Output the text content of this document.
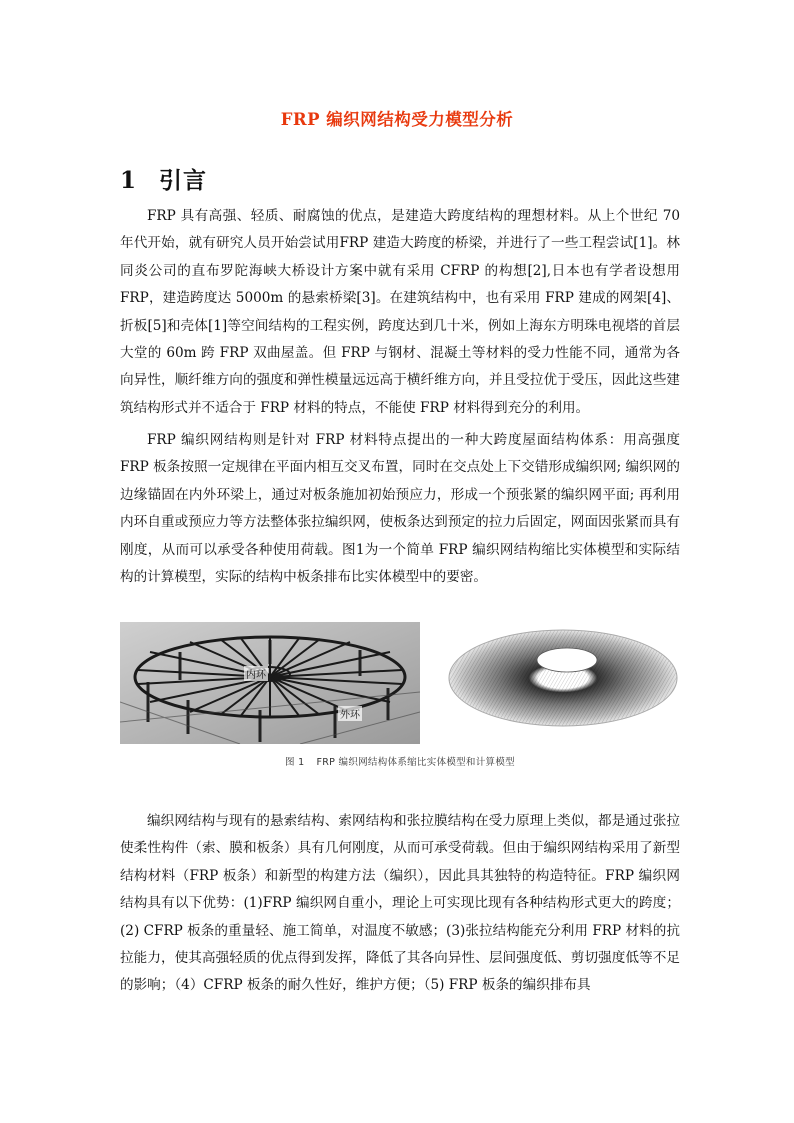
FRP 编织网结构受力模型分析
1 引言

FRP 具有高强、轻质、耐腐蚀的优点，是建造大跨度结构的理想材料。从上个世纪 70 年代开始，就有研究人员开始尝试用FRP 建造大跨度的桥梁，并进行了一些工程尝试[1]。林同炎公司的直布罗陀海峡大桥设计方案中就有采用 CFRP 的构想[2],日本也有学者设想用 FRP，建造跨度达 5000m 的悬索桥梁[3]。在建筑结构中，也有采用 FRP 建成的网架[4]、折板[5]和壳体[1]等空间结构的工程实例，跨度达到几十米，例如上海东方明珠电视塔的首层大堂的 60m 跨 FRP 双曲屋盖。但 FRP 与钢材、混凝土等材料的受力性能不同，通常为各向异性，顺纤维方向的强度和弹性模量远远高于横纤维方向，并且受拉优于受压，因此这些建筑结构形式并不适合于 FRP 材料的特点，不能使 FRP 材料得到充分的利用。

FRP 编织网结构则是针对 FRP 材料特点提出的一种大跨度屋面结构体系：用高强度 FRP 板条按照一定规律在平面内相互交叉布置，同时在交点处上下交错形成编织网; 编织网的边缘锚固在内外环梁上，通过对板条施加初始预应力，形成一个预张紧的编织网平面; 再利用内环自重或预应力等方法整体张拉编织网，使板条达到预定的拉力后固定，网面因张紧而具有刚度，从而可以承受各种使用荷载。图1为一个简单 FRP 编织网结构缩比实体模型和实际结构的计算模型，实际的结构中板条排布比实体模型中的要密。

内环
外环
图 1 FRP 编织网结构体系缩比实体模型和计算模型

编织网结构与现有的悬索结构、索网结构和张拉膜结构在受力原理上类似，都是通过张拉使柔性构件（索、膜和板条）具有几何刚度，从而可承受荷载。但由于编织网结构采用了新型结构材料（FRP 板条）和新型的构建方法（编织），因此具其独特的构造特征。FRP 编织网结构具有以下优势：(1)FRP 编织网自重小，理论上可实现比现有各种结构形式更大的跨度；(2) CFRP 板条的重量轻、施工简单，对温度不敏感；(3)张拉结构能充分利用 FRP 材料的抗拉能力，使其高强轻质的优点得到发挥，降低了其各向异性、层间强度低、剪切强度低等不足的影响；（4）CFRP 板条的耐久性好，维护方便；（5) FRP 板条的编织排布具
